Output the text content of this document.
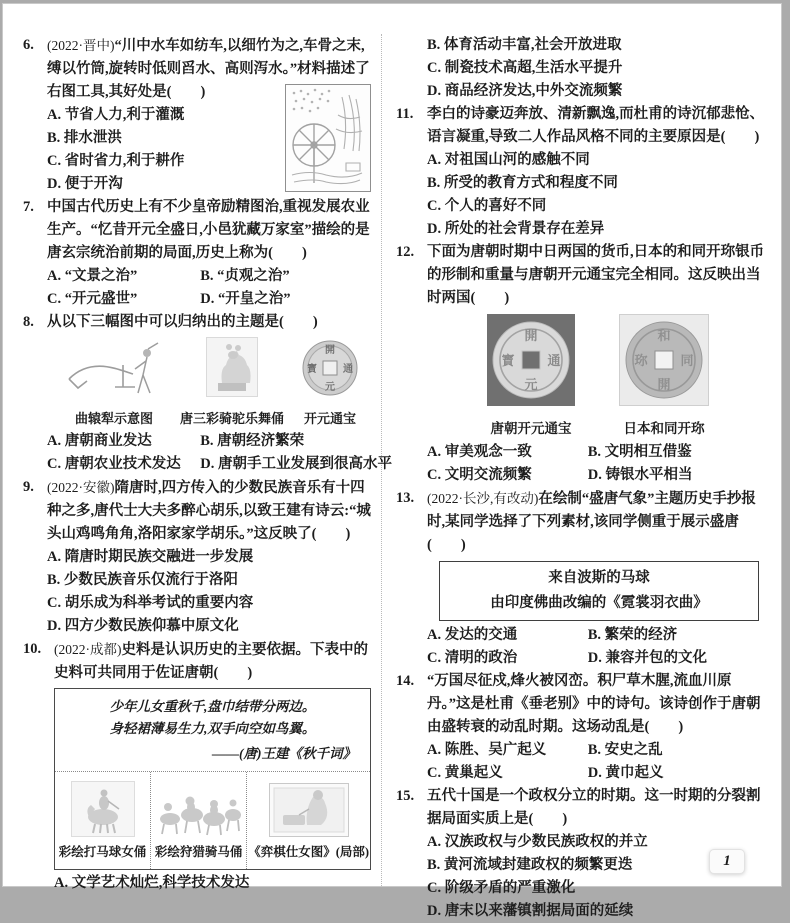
6. (2022·晋中)“川中水车如纺车,以细竹为之,车骨之末,缚以竹筒,旋转时低则舀水、高则泻水。”材料描述了右图工具,其好处是(　　)
A. 节省人力,利于灌溉
B. 排水泄洪
C. 省时省力,利于耕作
D. 便于开沟
7. 中国古代历史上有不少皇帝励精图治,重视发展农业生产。“忆昔开元全盛日,小邑犹藏万家室”描绘的是唐玄宗统治前期的局面,历史上称为(　　)
A. “文景之治”	B. “贞观之治”
C. “开元盛世”	D. “开皇之治”
8. 从以下三幅图中可以归纳出的主题是(　　)
曲辕犁示意图	唐三彩骑驼乐舞俑
開
元
通
寳
开元通宝
A. 唐朝商业发达	B. 唐朝经济繁荣
C. 唐朝农业技术发达	D. 唐朝手工业发展到很高水平
9. (2022·安徽)隋唐时,四方传入的少数民族音乐有十四种之多,唐代士大夫多醉心胡乐,以致王建有诗云:“城头山鸡鸣角角,洛阳家家学胡乐。”这反映了(　　)
A. 隋唐时期民族交融进一步发展
B. 少数民族音乐仅流行于洛阳
C. 胡乐成为科举考试的重要内容
D. 四方少数民族仰慕中原文化
10. (2022·成都)史料是认识历史的主要依据。下表中的史料可共同用于佐证唐朝(　　)
少年儿女重秋千,盘巾结带分两边。
身轻裙薄易生力,双手向空如鸟翼。
——(唐)王建《秋千词》
彩绘打马球女俑 彩绘狩猎骑马俑 《弈棋仕女图》(局部)
A. 文学艺术灿烂,科学技术发达
B. 体育活动丰富,社会开放进取
C. 制瓷技术高超,生活水平提升
D. 商品经济发达,中外交流频繁
11. 李白的诗豪迈奔放、清新飘逸,而杜甫的诗沉郁悲怆、语言凝重,导致二人作品风格不同的主要原因是(　　)
A. 对祖国山河的感触不同
B. 所受的教育方式和程度不同
C. 个人的喜好不同
D. 所处的社会背景存在差异
12. 下面为唐朝时期中日两国的货币,日本的和同开珎银币的形制和重量与唐朝开元通宝完全相同。这反映出当时两国(　　)
開
元
通
寳
唐朝开元通宝
和
開
同
珎
日本和同开珎
A. 审美观念一致	B. 文明相互借鉴
C. 文明交流频繁	D. 铸银水平相当
13. (2022·长沙,有改动)在绘制“盛唐气象”主题历史手抄报时,某同学选择了下列素材,该同学侧重于展示盛唐(　　)
来自波斯的马球
由印度佛曲改编的《霓裳羽衣曲》
A. 发达的交通	B. 繁荣的经济
C. 清明的政治	D. 兼容并包的文化
14. “万国尽征戍,烽火被冈峦。积尸草木腥,流血川原丹。”这是杜甫《垂老别》中的诗句。该诗创作于唐朝由盛转衰的动乱时期。这场动乱是(　　)
A. 陈胜、吴广起义	B. 安史之乱
C. 黄巢起义	D. 黄巾起义
15. 五代十国是一个政权分立的时期。这一时期的分裂割据局面实质上是(　　)
A. 汉族政权与少数民族政权的并立
B. 黄河流域封建政权的频繁更迭
C. 阶级矛盾的严重激化
D. 唐末以来藩镇割据局面的延续
1
